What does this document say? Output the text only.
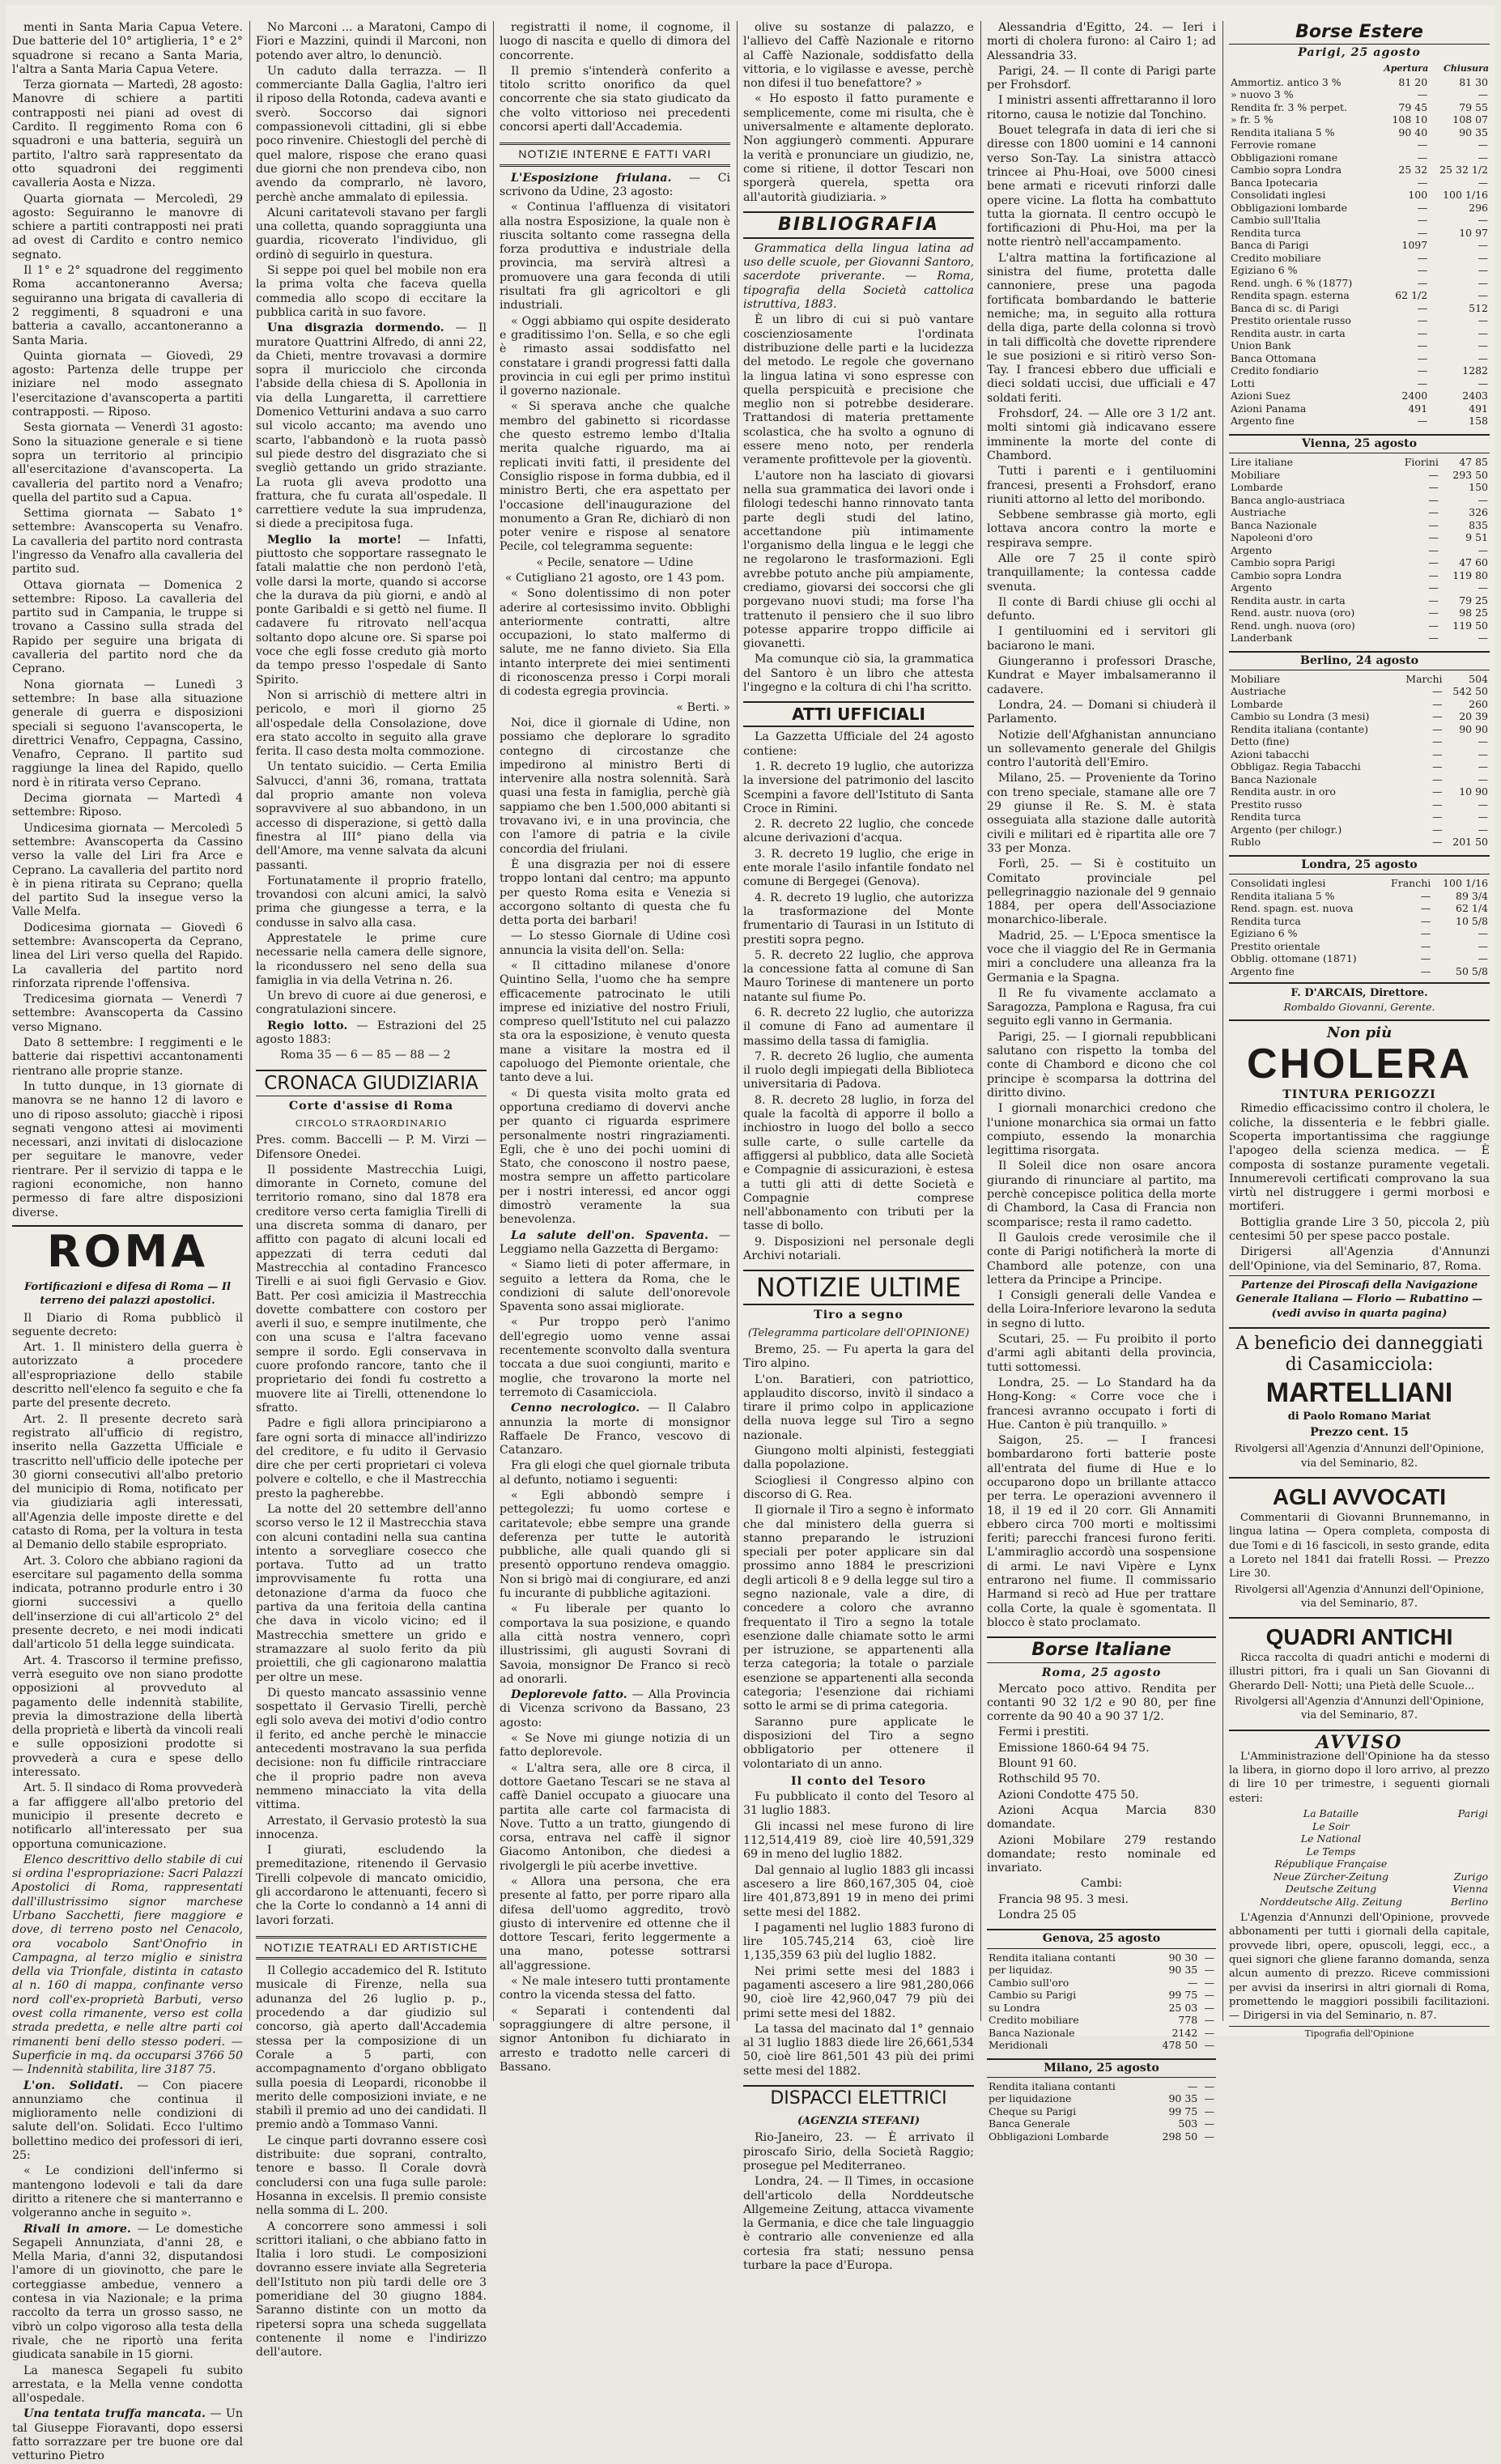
menti in Santa Maria Capua Vetere. Due batterie del 10° artiglieria, 1° e 2° squadrone si recano a Santa Maria, l'altra a Santa Maria Capua Vetere.

Terza giornata — Martedì, 28 agosto: Manovre di schiere a partiti contrapposti nei piani ad ovest di Cardito. Il reggimento Roma con 6 squadroni e una batteria, seguirà un partito, l'altro sarà rappresentato da otto squadroni dei reggimenti cavalleria Aosta e Nizza.

Quarta giornata — Mercoledì, 29 agosto: Seguiranno le manovre di schiere a partiti contrapposti nei prati ad ovest di Cardito e contro nemico segnato.

Il 1° e 2° squadrone del reggimento Roma accantoneranno Aversa; seguiranno una brigata di cavalleria di 2 reggimenti, 8 squadroni e una batteria a cavallo, accantoneranno a Santa Maria.

Quinta giornata — Giovedì, 29 agosto: Partenza delle truppe per iniziare nel modo assegnato l'esercitazione d'avanscoperta a partiti contrapposti. — Riposo.

Sesta giornata — Venerdì 31 agosto: Sono la situazione generale e si tiene sopra un territorio al principio all'esercitazione d'avanscoperta. La cavalleria del partito nord a Venafro; quella del partito sud a Capua.

Settima giornata — Sabato 1° settembre: Avanscoperta su Venafro. La cavalleria del partito nord contrasta l'ingresso da Venafro alla cavalleria del partito sud.

Ottava giornata — Domenica 2 settembre: Riposo. La cavalleria del partito sud in Campania, le truppe si trovano a Cassino sulla strada del Rapido per seguire una brigata di cavalleria del partito nord che da Ceprano.

Nona giornata — Lunedì 3 settembre: In base alla situazione generale di guerra e disposizioni speciali si seguono l'avanscoperta, le direttrici Venafro, Ceppagna, Cassino, Venafro, Ceprano. Il partito sud raggiunge la linea del Rapido, quello nord è in ritirata verso Ceprano.

Decima giornata — Martedì 4 settembre: Riposo.

Undicesima giornata — Mercoledì 5 settembre: Avanscoperta da Cassino verso la valle del Liri fra Arce e Ceprano. La cavalleria del partito nord è in piena ritirata su Ceprano; quella del partito Sud la insegue verso la Valle Melfa.

Dodicesima giornata — Giovedì 6 settembre: Avanscoperta da Ceprano, linea del Liri verso quella del Rapido. La cavalleria del partito nord rinforzata riprende l'offensiva.

Tredicesima giornata — Venerdì 7 settembre: Avanscoperta da Cassino verso Mignano.

Dato 8 settembre: I reggimenti e le batterie dai rispettivi accantonamenti rientrano alle proprie stanze.

In tutto dunque, in 13 giornate di manovra se ne hanno 12 di lavoro e uno di riposo assoluto; giacchè i riposi segnati vengono attesi ai movimenti necessari, anzi invitati di dislocazione per seguitare le manovre, veder rientrare. Per il servizio di tappa e le ragioni economiche, non hanno permesso di fare altre disposizioni diverse.

ROMA
Fortificazioni e difesa di Roma — Il terreno dei palazzi apostolici.

Il Diario di Roma pubblicò il seguente decreto:

Art. 1. Il ministero della guerra è autorizzato a procedere all'espropriazione dello stabile descritto nell'elenco fa seguito e che fa parte del presente decreto.

Art. 2. Il presente decreto sarà registrato all'ufficio di registro, inserito nella Gazzetta Ufficiale e trascritto nell'ufficio delle ipoteche per 30 giorni consecutivi all'albo pretorio del municipio di Roma, notificato per via giudiziaria agli interessati, all'Agenzia delle imposte dirette e del catasto di Roma, per la voltura in testa al Demanio dello stabile espropriato.

Art. 3. Coloro che abbiano ragioni da esercitare sul pagamento della somma indicata, potranno produrle entro i 30 giorni successivi a quello dell'inserzione di cui all'articolo 2° del presente decreto, e nei modi indicati dall'articolo 51 della legge suindicata.

Art. 4. Trascorso il termine prefisso, verrà eseguito ove non siano prodotte opposizioni al provveduto al pagamento delle indennità stabilite, previa la dimostrazione della libertà della proprietà e libertà da vincoli reali e sulle opposizioni prodotte si provvederà a cura e spese dello interessato.

Art. 5. Il sindaco di Roma provvederà a far affiggere all'albo pretorio del municipio il presente decreto e notificarlo all'interessato per sua opportuna comunicazione.

Elenco descrittivo dello stabile di cui si ordina l'espropriazione: Sacri Palazzi Apostolici di Roma, rappresentati dall'illustrissimo signor marchese Urbano Sacchetti, fiere maggiore e dove, di terreno posto nel Cenacolo, ora vocabolo Sant'Onofrio in Campagna, al terzo miglio e sinistra della via Trionfale, distinta in catasto al n. 160 di mappa, confinante verso nord coll'ex-proprietà Barbuti, verso ovest colla rimanente, verso est colla strada predetta, e nelle altre parti coi rimanenti beni dello stesso poderi. — Superficie in mq. da occuparsi 3766 50 — Indennità stabilita, lire 3187 75.

L'on. Solidati. — Con piacere annunziamo che continua il miglioramento nelle condizioni di salute dell'on. Solidati. Ecco l'ultimo bollettino medico dei professori di ieri, 25:

« Le condizioni dell'infermo si mantengono lodevoli e tali da dare diritto a ritenere che si manterranno e volgeranno anche in seguito ».

Rivali in amore. — Le domestiche Segapeli Annunziata, d'anni 28, e Mella Maria, d'anni 32, disputandosi l'amore di un giovinotto, che pare le corteggiasse ambedue, vennero a contesa in via Nazionale; e la prima raccolto da terra un grosso sasso, ne vibrò un colpo vigoroso alla testa della rivale, che ne riportò una ferita giudicata sanabile in 15 giorni.

La manesca Segapeli fu subito arrestata, e la Mella venne condotta all'ospedale.

Una tentata truffa mancata. — Un tal Giuseppe Fioravanti, dopo essersi fatto sorrazzare per tre buone ore dal vetturino Pietro

No Marconi ... a Maratoni, Campo di Fiori e Mazzini, quindi il Marconi, non potendo aver altro, lo denunciò.

Un caduto dalla terrazza. — Il commerciante Dalla Gaglia, l'altro ieri il riposo della Rotonda, cadeva avanti e sverò. Soccorso dai signori compassionevoli cittadini, gli si ebbe poco rinvenire. Chiestogli del perchè di quel malore, rispose che erano quasi due giorni che non prendeva cibo, non avendo da comprarlo, nè lavoro, perchè anche ammalato di epilessia.

Alcuni caritatevoli stavano per fargli una colletta, quando sopraggiunta una guardia, ricoverato l'individuo, gli ordinò di seguirlo in questura.

Si seppe poi quel bel mobile non era la prima volta che faceva quella commedia allo scopo di eccitare la pubblica carità in suo favore.

Una disgrazia dormendo. — Il muratore Quattrini Alfredo, di anni 22, da Chieti, mentre trovavasi a dormire sopra il muricciolo che circonda l'abside della chiesa di S. Apollonia in via della Lungaretta, il carrettiere Domenico Vetturini andava a suo carro sul vicolo accanto; ma avendo uno scarto, l'abbandonò e la ruota passò sul piede destro del disgraziato che si svegliò gettando un grido straziante. La ruota gli aveva prodotto una frattura, che fu curata all'ospedale. Il carrettiere vedute la sua imprudenza, si diede a precipitosa fuga.

Meglio la morte! — Infatti, piuttosto che sopportare rassegnato le fatali malattie che non perdonò l'età, volle darsi la morte, quando si accorse che la durava da più giorni, e andò al ponte Garibaldi e si gettò nel fiume. Il cadavere fu ritrovato nell'acqua soltanto dopo alcune ore. Si sparse poi voce che egli fosse creduto già morto da tempo presso l'ospedale di Santo Spirito.

Non si arrischiò di mettere altri in pericolo, e morì il giorno 25 all'ospedale della Consolazione, dove era stato accolto in seguito alla grave ferita. Il caso desta molta commozione.

Un tentato suicidio. — Certa Emilia Salvucci, d'anni 36, romana, trattata dal proprio amante non voleva sopravvivere al suo abbandono, in un accesso di disperazione, si gettò dalla finestra al III° piano della via dell'Amore, ma venne salvata da alcuni passanti.

Fortunatamente il proprio fratello, trovandosi con alcuni amici, la salvò prima che giungesse a terra, e la condusse in salvo alla casa.

Apprestatele le prime cure necessarie nella camera delle signore, la ricondussero nel seno della sua famiglia in via della Vetrina n. 26.

Un brevo di cuore ai due generosi, e congratulazioni sincere.

Regio lotto. — Estrazioni del 25 agosto 1883:

Roma 35 — 6 — 85 — 88 — 2

CRONACA GIUDIZIARIA
Corte d'assise di Roma
CIRCOLO STRAORDINARIO

Pres. comm. Baccelli — P. M. Virzi — Difensore Onedei.

Il possidente Mastrecchia Luigi, dimorante in Corneto, comune del territorio romano, sino dal 1878 era creditore verso certa famiglia Tirelli di una discreta somma di danaro, per affitto con pagato di alcuni locali ed appezzati di terra ceduti dal Mastrecchia al contadino Francesco Tirelli e ai suoi figli Gervasio e Giov. Batt. Per così amicizia il Mastrecchia dovette combattere con costoro per averli il suo, e sempre inutilmente, che con una scusa e l'altra facevano sempre il sordo. Egli conservava in cuore profondo rancore, tanto che il proprietario dei fondi fu costretto a muovere lite ai Tirelli, ottenendone lo sfratto.

Padre e figli allora principiarono a fare ogni sorta di minacce all'indirizzo del creditore, e fu udito il Gervasio dire che per certi proprietari ci voleva polvere e coltello, e che il Mastrecchia presto la pagherebbe.

La notte del 20 settembre dell'anno scorso verso le 12 il Mastrecchia stava con alcuni contadini nella sua cantina intento a sorvegliare cosecco che portava. Tutto ad un tratto improvvisamente fu rotta una detonazione d'arma da fuoco che partiva da una feritoia della cantina che dava in vicolo vicino; ed il Mastrecchia smettere un grido e stramazzare al suolo ferito da più proiettili, che gli cagionarono malattia per oltre un mese.

Di questo mancato assassinio venne sospettato il Gervasio Tirelli, perchè egli solo aveva dei motivi d'odio contro il ferito, ed anche perchè le minaccie antecedenti mostravano la sua perfida decisione: non fu difficile rintracciare che il proprio padre non aveva nemmeno minacciato la vita della vittima.

Arrestato, il Gervasio protestò la sua innocenza.

I giurati, escludendo la premeditazione, ritenendo il Gervasio Tirelli colpevole di mancato omicidio, gli accordarono le attenuanti, fecero sì che la Corte lo condannò a 14 anni di lavori forzati.

NOTIZIE TEATRALI ED ARTISTICHE

Il Collegio accademico del R. Istituto musicale di Firenze, nella sua adunanza del 26 luglio p. p., procedendo a dar giudizio sul concorso, già aperto dall'Accademia stessa per la composizione di un Corale a 5 parti, con accompagnamento d'organo obbligato sulla poesia di Leopardi, riconobbe il merito delle composizioni inviate, e ne stabilì il premio ad uno dei candidati. Il premio andò a Tommaso Vanni.

Le cinque parti dovranno essere così distribuite: due soprani, contralto, tenore e basso. Il Corale dovrà concludersi con una fuga sulle parole: Hosanna in excelsis. Il premio consiste nella somma di L. 200.

A concorrere sono ammessi i soli scrittori italiani, o che abbiano fatto in Italia i loro studi. Le composizioni dovranno essere inviate alla Segreteria dell'Istituto non più tardi delle ore 3 pomeridiane del 30 giugno 1884. Saranno distinte con un motto da ripetersi sopra una scheda suggellata contenente il nome e l'indirizzo dell'autore.

registratti il nome, il cognome, il luogo di nascita e quello di dimora del concorrente.

Il premio s'intenderà conferito a titolo scritto onorifico da quel concorrente che sia stato giudicato da che volto vittorioso nei precedenti concorsi aperti dall'Accademia.

NOTIZIE INTERNE E FATTI VARI

L'Esposizione friulana. — Ci scrivono da Udine, 23 agosto:

« Continua l'affluenza di visitatori alla nostra Esposizione, la quale non è riuscita soltanto come rassegna della forza produttiva e industriale della provincia, ma servirà altresì a promuovere una gara feconda di utili risultati fra gli agricoltori e gli industriali.

« Oggi abbiamo qui ospite desiderato e graditissimo l'on. Sella, e so che egli è rimasto assai soddisfatto nel constatare i grandi progressi fatti dalla provincia in cui egli per primo instituì il governo nazionale.

« Si sperava anche che qualche membro del gabinetto si ricordasse che questo estremo lembo d'Italia merita qualche riguardo, ma ai replicati inviti fatti, il presidente del Consiglio rispose in forma dubbia, ed il ministro Berti, che era aspettato per l'occasione dell'inaugurazione del monumento a Gran Re, dichiarò di non poter venire e rispose al senatore Pecile, col telegramma seguente:

« Pecile, senatore — Udine

« Cutigliano 21 agosto, ore 1 43 pom.

« Sono dolentissimo di non poter aderire al cortesissimo invito. Obblighi anteriormente contratti, altre occupazioni, lo stato malfermo di salute, me ne fanno divieto. Sia Ella intanto interprete dei miei sentimenti di riconoscenza presso i Corpi morali di codesta egregia provincia.

« Berti. »

Noi, dice il giornale di Udine, non possiamo che deplorare lo sgradito contegno di circostanze che impedirono al ministro Berti di intervenire alla nostra solennità. Sarà quasi una festa in famiglia, perchè già sappiamo che ben 1.500,000 abitanti si trovavano ivi, e in una provincia, che con l'amore di patria e la civile concordia del friulani.

È una disgrazia per noi di essere troppo lontani dal centro; ma appunto per questo Roma esita e Venezia si accorgono soltanto di questa che fu detta porta dei barbari!

— Lo stesso Giornale di Udine così annuncia la visita dell'on. Sella:

« Il cittadino milanese d'onore Quintino Sella, l'uomo che ha sempre efficacemente patrocinato le utili imprese ed iniziative del nostro Friuli, compreso quell'Istituto nel cui palazzo sta ora la esposizione, è venuto questa mane a visitare la mostra ed il capoluogo del Piemonte orientale, che tanto deve a lui.

« Di questa visita molto grata ed opportuna crediamo di dovervi anche per quanto ci riguarda esprimere personalmente nostri ringraziamenti. Egli, che è uno dei pochi uomini di Stato, che conoscono il nostro paese, mostra sempre un affetto particolare per i nostri interessi, ed ancor oggi dimostrò veramente la sua benevolenza.

La salute dell'on. Spaventa. — Leggiamo nella Gazzetta di Bergamo:

« Siamo lieti di poter affermare, in seguito a lettera da Roma, che le condizioni di salute dell'onorevole Spaventa sono assai migliorate.

« Pur troppo però l'animo dell'egregio uomo venne assai recentemente sconvolto dalla sventura toccata a due suoi congiunti, marito e moglie, che trovarono la morte nel terremoto di Casamicciola.

Cenno necrologico. — Il Calabro annunzia la morte di monsignor Raffaele De Franco, vescovo di Catanzaro.

Fra gli elogi che quel giornale tributa al defunto, notiamo i seguenti:

« Egli abbondò sempre i pettegolezzi; fu uomo cortese e caritatevole; ebbe sempre una grande deferenza per tutte le autorità pubbliche, alle quali quando gli si presentò opportuno rendeva omaggio. Non si brigò mai di congiurare, ed anzi fu incurante di pubbliche agitazioni.

« Fu liberale per quanto lo comportava la sua posizione, e quando alla città nostra vennero, coprì illustrissimi, gli augusti Sovrani di Savoia, monsignor De Franco si recò ad onorarli.

Deplorevole fatto. — Alla Provincia di Vicenza scrivono da Bassano, 23 agosto:

« Se Nove mi giunge notizia di un fatto deplorevole.

« L'altra sera, alle ore 8 circa, il dottore Gaetano Tescari se ne stava al caffè Daniel occupato a giuocare una partita alle carte col farmacista di Nove. Tutto a un tratto, giungendo di corsa, entrava nel caffè il signor Giacomo Antonibon, che diedesi a rivolgergli le più acerbe invettive.

« Allora una persona, che era presente al fatto, per porre riparo alla difesa dell'uomo aggredito, trovò giusto di intervenire ed ottenne che il dottore Tescari, ferito leggermente a una mano, potesse sottrarsi all'aggressione.

« Ne male intesero tutti prontamente contro la vicenda stessa del fatto.

« Separati i contendenti dal sopraggiungere di altre persone, il signor Antonibon fu dichiarato in arresto e tradotto nelle carceri di Bassano.

olive su sostanze di palazzo, e l'allievo del Caffè Nazionale e ritorno al Caffè Nazionale, soddisfatto della vittoria, e lo vigilasse e avesse, perchè non difesi il tuo benefattore? »

« Ho esposto il fatto puramente e semplicemente, come mi risulta, che è universalmente e altamente deplorato. Non aggiungerò commenti. Appurare la verità e pronunciare un giudizio, ne, come si ritiene, il dottor Tescari non sporgerà querela, spetta ora all'autorità giudiziaria. »

BIBLIOGRAFIA

Grammatica della lingua latina ad uso delle scuole, per Giovanni Santoro, sacerdote priverante. — Roma, tipografia della Società cattolica istruttiva, 1883.

È un libro di cui si può vantare coscienziosamente l'ordinata distribuzione delle parti e la lucidezza del metodo. Le regole che governano la lingua latina vi sono espresse con quella perspicuità e precisione che meglio non si potrebbe desiderare. Trattandosi di materia prettamente scolastica, che ha svolto a ognuno di essere meno noto, per renderla veramente profittevole per la gioventù.

L'autore non ha lasciato di giovarsi nella sua grammatica dei lavori onde i filologi tedeschi hanno rinnovato tanta parte degli studi del latino, accettandone più intimamente l'organismo della lingua e le leggi che ne regolarono le trasformazioni. Egli avrebbe potuto anche più ampiamente, crediamo, giovarsi dei soccorsi che gli porgevano nuovi studi; ma forse l'ha trattenuto il pensiero che il suo libro potesse apparire troppo difficile ai giovanetti.

Ma comunque ciò sia, la grammatica del Santoro è un libro che attesta l'ingegno e la coltura di chi l'ha scritto.

ATTI UFFICIALI

La Gazzetta Ufficiale del 24 agosto contiene:

1. R. decreto 19 luglio, che autorizza la inversione del patrimonio del lascito Scempini a favore dell'Istituto di Santa Croce in Rimini.

2. R. decreto 22 luglio, che concede alcune derivazioni d'acqua.

3. R. decreto 19 luglio, che erige in ente morale l'asilo infantile fondato nel comune di Bergegei (Genova).

4. R. decreto 19 luglio, che autorizza la trasformazione del Monte frumentario di Taurasi in un Istituto di prestiti sopra pegno.

5. R. decreto 22 luglio, che approva la concessione fatta al comune di San Mauro Torinese di mantenere un porto natante sul fiume Po.

6. R. decreto 22 luglio, che autorizza il comune di Fano ad aumentare il massimo della tassa di famiglia.

7. R. decreto 26 luglio, che aumenta il ruolo degli impiegati della Biblioteca universitaria di Padova.

8. R. decreto 28 luglio, in forza del quale la facoltà di apporre il bollo a inchiostro in luogo del bollo a secco sulle carte, o sulle cartelle da affiggersi al pubblico, data alle Società e Compagnie di assicurazioni, è estesa a tutti gli atti di dette Società e Compagnie comprese nell'abbonamento con tributi per la tasse di bollo.

9. Disposizioni nel personale degli Archivi notariali.

NOTIZIE ULTIME
Tiro a segno
(Telegramma particolare dell'OPINIONE)

Bremo, 25. — Fu aperta la gara del Tiro alpino.

L'on. Baratieri, con patriottico, applaudito discorso, invitò il sindaco a tirare il primo colpo in applicazione della nuova legge sul Tiro a segno nazionale.

Giungono molti alpinisti, festeggiati dalla popolazione.

Sciogliesi il Congresso alpino con discorso di G. Rea.

Il giornale il Tiro a segno è informato che dal ministero della guerra si stanno preparando le istruzioni speciali per poter applicare sin dal prossimo anno 1884 le prescrizioni degli articoli 8 e 9 della legge sul tiro a segno nazionale, vale a dire, di concedere a coloro che avranno frequentato il Tiro a segno la totale esenzione dalle chiamate sotto le armi per istruzione, se appartenenti alla terza categoria; la totale o parziale esenzione se appartenenti alla seconda categoria; l'esenzione dai richiami sotto le armi se di prima categoria.

Saranno pure applicate le disposizioni del Tiro a segno obbligatorio per ottenere il volontariato di un anno.

Il conto del Tesoro

Fu pubblicato il conto del Tesoro al 31 luglio 1883.

Gli incassi nel mese furono di lire 112,514,419 89, cioè lire 40,591,329 69 in meno del luglio 1882.

Dal gennaio al luglio 1883 gli incassi ascesero a lire 860,167,305 04, cioè lire 401,873,891 19 in meno dei primi sette mesi del 1882.

I pagamenti nel luglio 1883 furono di lire 105.745,214 63, cioè lire 1,135,359 63 più del luglio 1882.

Nei primi sette mesi del 1883 i pagamenti ascesero a lire 981,280,066 90, cioè lire 42,960,047 79 più dei primi sette mesi del 1882.

La tassa del macinato dal 1° gennaio al 31 luglio 1883 diede lire 26,661,534 50, cioè lire 861,501 43 più dei primi sette mesi del 1882.

DISPACCI ELETTRICI
(AGENZIA STEFANI)

Rio-Janeiro, 23. — È arrivato il piroscafo Sirio, della Società Raggio; prosegue pel Mediterraneo.

Londra, 24. — Il Times, in occasione dell'articolo della Norddeutsche Allgemeine Zeitung, attacca vivamente la Germania, e dice che tale linguaggio è contrario alle convenienze ed alla cortesia fra stati; nessuno pensa turbare la pace d'Europa.

Alessandria d'Egitto, 24. — Ieri i morti di cholera furono: al Cairo 1; ad Alessandria 33.

Parigi, 24. — Il conte di Parigi parte per Frohsdorf.

I ministri assenti affrettaranno il loro ritorno, causa le notizie dal Tonchino.

Bouet telegrafa in data di ieri che si diresse con 1800 uomini e 14 cannoni verso Son-Tay. La sinistra attaccò trincee ai Phu-Hoai, ove 5000 cinesi bene armati e ricevuti rinforzi dalle opere vicine. La flotta ha combattuto tutta la giornata. Il centro occupò le fortificazioni di Phu-Hoi, ma per la notte rientrò nell'accampamento.

L'altra mattina la fortificazione al sinistra del fiume, protetta dalle cannoniere, prese una pagoda fortificata bombardando le batterie nemiche; ma, in seguito alla rottura della diga, parte della colonna si trovò in tali difficoltà che dovette riprendere le sue posizioni e si ritirò verso Son-Tay. I francesi ebbero due ufficiali e dieci soldati uccisi, due ufficiali e 47 soldati feriti.

Frohsdorf, 24. — Alle ore 3 1/2 ant. molti sintomi già indicavano essere imminente la morte del conte di Chambord.

Tutti i parenti e i gentiluomini francesi, presenti a Frohsdorf, erano riuniti attorno al letto del moribondo.

Sebbene sembrasse già morto, egli lottava ancora contro la morte e respirava sempre.

Alle ore 7 25 il conte spirò tranquillamente; la contessa cadde svenuta.

Il conte di Bardi chiuse gli occhi al defunto.

I gentiluomini ed i servitori gli baciarono le mani.

Giungeranno i professori Drasche, Kundrat e Mayer imbalsameranno il cadavere.

Londra, 24. — Domani si chiuderà il Parlamento.

Notizie dell'Afghanistan annunciano un sollevamento generale del Ghilgis contro l'autorità dell'Emiro.

Milano, 25. — Proveniente da Torino con treno speciale, stamane alle ore 7 29 giunse il Re. S. M. è stata osseguiata alla stazione dalle autorità civili e militari ed è ripartita alle ore 7 33 per Monza.

Forlì, 25. — Si è costituito un Comitato provinciale pel pellegrinaggio nazionale del 9 gennaio 1884, per opera dell'Associazione monarchico-liberale.

Madrid, 25. — L'Epoca smentisce la voce che il viaggio del Re in Germania miri a concludere una alleanza fra la Germania e la Spagna.

Il Re fu vivamente acclamato a Saragozza, Pamplona e Ragusa, fra cui seguito egli vanno in Germania.

Parigi, 25. — I giornali repubblicani salutano con rispetto la tomba del conte di Chambord e dicono che col principe è scomparsa la dottrina del diritto divino.

I giornali monarchici credono che l'unione monarchica sia ormai un fatto compiuto, essendo la monarchia legittima risorgata.

Il Soleil dice non osare ancora giurando di rinunciare al partito, ma perchè concepisce politica della morte di Chambord, la Casa di Francia non scomparisce; resta il ramo cadetto.

Il Gaulois crede verosimile che il conte di Parigi notificherà la morte di Chambord alle potenze, con una lettera da Principe a Principe.

I Consigli generali delle Vandea e della Loira-Inferiore levarono la seduta in segno di lutto.

Scutari, 25. — Fu proibito il porto d'armi agli abitanti della provincia, tutti sottomessi.

Londra, 25. — Lo Standard ha da Hong-Kong: « Corre voce che i francesi avranno occupato i forti di Hue. Canton è più tranquillo. »

Saigon, 25. — I francesi bombardarono forti batterie poste all'entrata del fiume di Hue e lo occuparono dopo un brillante attacco per terra. Le operazioni avvennero il 18, il 19 ed il 20 corr. Gli Annamiti ebbero circa 700 morti e moltissimi feriti; parecchi francesi furono feriti. L'ammiraglio accordò una sospensione di armi. Le navi Vipère e Lynx entrarono nel fiume. Il commissario Harmand si recò ad Hue per trattare colla Corte, la quale è sgomentata. Il blocco è stato proclamato.

Borse Italiane
Roma, 25 agosto

Mercato poco attivo. Rendita per contanti 90 32 1/2 e 90 80, per fine corrente da 90 40 a 90 37 1/2.

Fermi i prestiti.

Emissione 1860-64 94 75.

Blount 91 60.

Rothschild 95 70.

Azioni Condotte 475 50.

Azioni Acqua Marcia 830 domandate.

Azioni Mobilare 279 restando domandate; resto nominale ed invariato.

Cambi:

Francia 98 95. 3 mesi.

Londra 25 05

Genova, 25 agosto
Rendita italiana contanti	90 30	—
per liquidaz.	90 35	—
Cambio sull'oro	—	—
Cambio su Parigi	99 75	—
su Londra	25 03	—
Credito mobiliare	778	—
Banca Nazionale	2142	—
Meridionali	478 50	—
Milano, 25 agosto
Rendita italiana contanti	—	—
per liquidazione	90 35	—
Cheque su Parigi	99 75	—
Banca Generale	503	—
Obbligazioni Lombarde	298 50	—
Borse Estere
Parigi, 25 agosto
	Apertura	Chiusura
Ammortiz. antico 3 %	81 20	81 30
» nuovo 3 %	—	—
Rendita fr. 3 % perpet.	79 45	79 55
» fr. 5 %	108 10	108 07
Rendita italiana 5 %	90 40	90 35
Ferrovie romane	—	—
Obbligazioni romane	—	—
Cambio sopra Londra	25 32	25 32 1/2
Banca Ipotecaria	—	—
Consolidati inglesi	100	100 1/16
Obbligazioni lombarde	—	296
Cambio sull'Italia	—	—
Rendita turca	—	10 97
Banca di Parigi	1097	—
Credito mobiliare	—	—
Egiziano 6 %	—	—
Rend. ungh. 6 % (1877)	—	—
Rendita spagn. esterna	62 1/2	—
Banca di sc. di Parigi	—	512
Prestito orientale russo	—	—
Rendita austr. in carta	—	—
Union Bank	—	—
Banca Ottomana	—	—
Credito fondiario	—	1282
Lotti	—	—
Azioni Suez	2400	2403
Azioni Panama	491	491
Argento fine	—	158
Vienna, 25 agosto
Lire italiane	Fiorini	47 85
Mobiliare	—	293 50
Lombarde	—	150
Banca anglo-austriaca	—	—
Austriache	—	326
Banca Nazionale	—	835
Napoleoni d'oro	—	9 51
Argento	—	—
Cambio sopra Parigi	—	47 60
Cambio sopra Londra	—	119 80
Argento	—	—
Rendita austr. in carta	—	79 25
Rend. austr. nuova (oro)	—	98 25
Rend. ungh. nuova (oro)	—	119 50
Landerbank	—	—
Berlino, 24 agosto
Mobiliare	Marchi	504
Austriache	—	542 50
Lombarde	—	260
Cambio su Londra (3 mesi)	—	20 39
Rendita italiana (contante)	—	90 90
Detto (fine)	—	—
Azioni tabacchi	—	—
Obbligaz. Regia Tabacchi	—	—
Banca Nazionale	—	—
Rendita austr. in oro	—	10 90
Prestito russo	—	—
Rendita turca	—	—
Argento (per chilogr.)	—	—
Rublo	—	201 50
Londra, 25 agosto
Consolidati inglesi	Franchi	100 1/16
Rendita italiana 5 %	—	89 3/4
Rend. spagn. est. nuova	—	62 1/4
Rendita turca	—	10 5/8
Egiziano 6 %	—	—
Prestito orientale	—	—
Obblig. ottomane (1871)	—	—
Argento fine	—	50 5/8
F. D'ARCAIS, Direttore.
Rombaldo Giovanni, Gerente.
Non più
CHOLERA
TINTURA PERIGOZZI

Rimedio efficacissimo contro il cholera, le coliche, la dissenteria e le febbri gialle. Scoperta importantissima che raggiunge l'apogeo della scienza medica. — È composta di sostanze puramente vegetali. Innumerevoli certificati comprovano la sua virtù nel distruggere i germi morbosi e mortiferi.

Bottiglia grande Lire 3 50, piccola 2, più centesimi 50 per spese pacco postale.

Dirigersi all'Agenzia d'Annunzi dell'Opinione, via del Seminario, 87, Roma.

Partenze dei Piroscafi della Navigazione Generale Italiana — Florio — Rubattino — (vedi avviso in quarta pagina)

A beneficio dei danneggiati di Casamicciola:
MARTELLIANI
di Paolo Romano Mariat
Prezzo cent. 15

Rivolgersi all'Agenzia d'Annunzi dell'Opinione, via del Seminario, 82.

AGLI AVVOCATI

Commentarii di Giovanni Brunnemanno, in lingua latina — Opera completa, composta di due Tomi e di 16 fascicoli, in sesto grande, edita a Loreto nel 1841 dai fratelli Rossi. — Prezzo Lire 30.

Rivolgersi all'Agenzia d'Annunzi dell'Opinione, via del Seminario, 87.

QUADRI ANTICHI

Ricca raccolta di quadri antichi e moderni di illustri pittori, fra i quali un San Giovanni di Gherardo Dell- Notti; una Pietà delle Scuole...

Rivolgersi all'Agenzia d'Annunzi dell'Opinione, via del Seminario, 87.

AVVISO

L'Amministrazione dell'Opinione ha da stesso la libera, in giorno dopo il loro arrivo, al prezzo di lire 10 per trimestre, i seguenti giornali esteri:

La Bataille	Parigi
Le Soir	
Le National	
Le Temps	
République Française	
Neue Zürcher-Zeitung	Zurigo
Deutsche Zeitung	Vienna
Norddeutsche Allg. Zeitung	Berlino

L'Agenzia d'Annunzi dell'Opinione, provvede abbonamenti per tutti i giornali della capitale, provvede libri, opere, opuscoli, leggi, ecc., a quei signori che gliene faranno domanda, senza alcun aumento di prezzo. Riceve commissioni per avvisi da inserirsi in altri giornali di Roma, promettendo le maggiori possibili facilitazioni. — Dirigersi in via del Seminario, n. 87.

Tipografia dell'Opinione
